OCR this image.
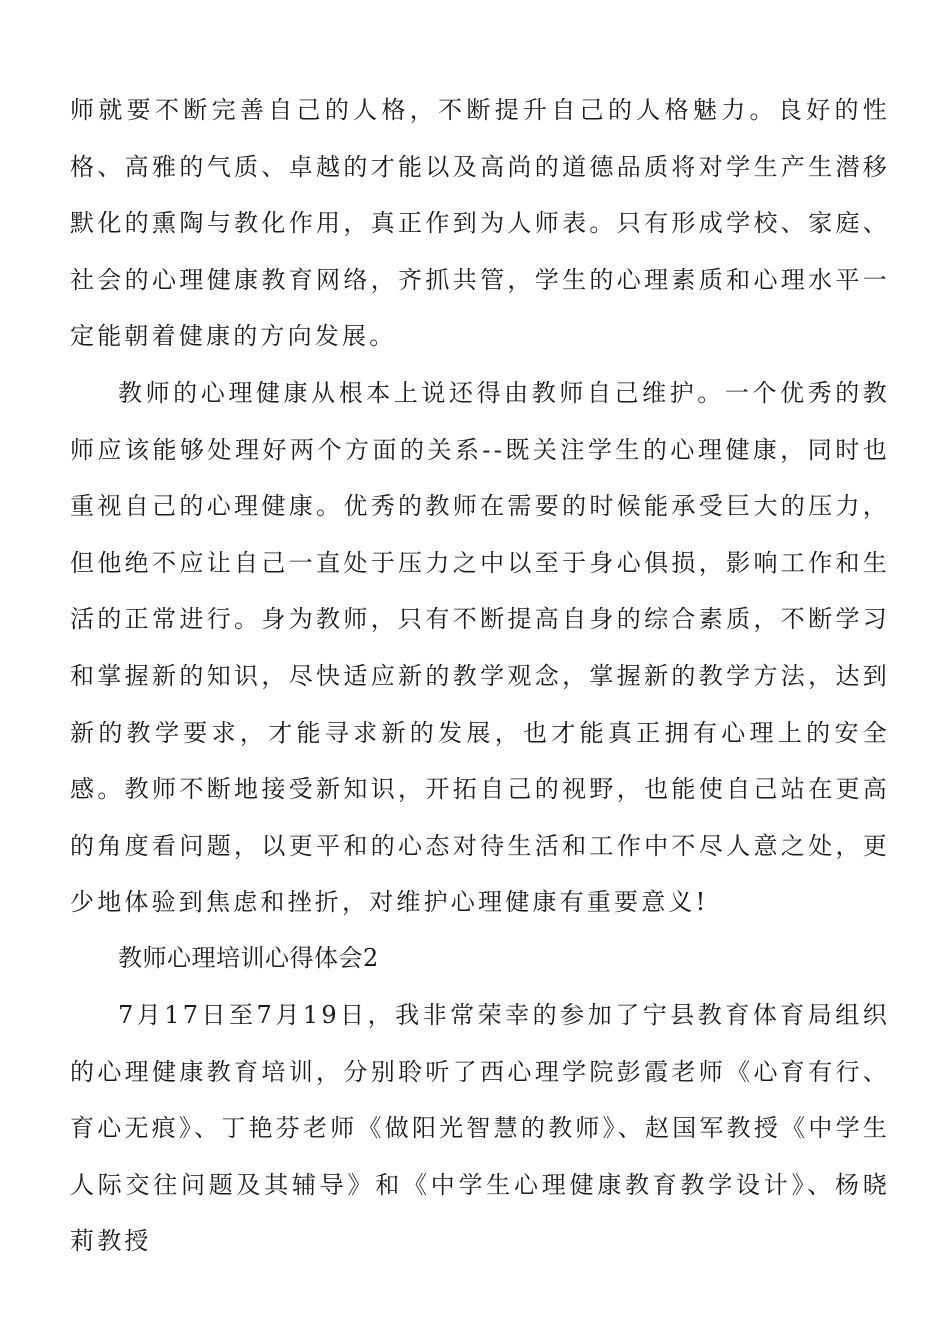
师就要不断完善自己的人格，不断提升自己的人格魅力。良好的性格、高雅的气质、卓越的才能以及高尚的道德品质将对学生产生潜移默化的熏陶与教化作用，真正作到为人师表。只有形成学校、家庭、社会的心理健康教育网络，齐抓共管，学生的心理素质和心理水平一定能朝着健康的方向发展。

教师的心理健康从根本上说还得由教师自己维护。一个优秀的教师应该能够处理好两个方面的关系--既关注学生的心理健康，同时也重视自己的心理健康。优秀的教师在需要的时候能承受巨大的压力，但他绝不应让自己一直处于压力之中以至于身心俱损，影响工作和生活的正常进行。身为教师，只有不断提高自身的综合素质，不断学习和掌握新的知识，尽快适应新的教学观念，掌握新的教学方法，达到新的教学要求，才能寻求新的发展，也才能真正拥有心理上的安全感。教师不断地接受新知识，开拓自己的视野，也能使自己站在更高的角度看问题，以更平和的心态对待生活和工作中不尽人意之处，更少地体验到焦虑和挫折，对维护心理健康有重要意义!

教师心理培训心得体会2

7月17日至7月19日，我非常荣幸的参加了宁县教育体育局组织的心理健康教育培训，分别聆听了西心理学院彭霞老师《心育有行、育心无痕》、丁艳芬老师《做阳光智慧的教师》、赵国军教授《中学生人际交往问题及其辅导》和《中学生心理健康教育教学设计》、杨晓莉教授
